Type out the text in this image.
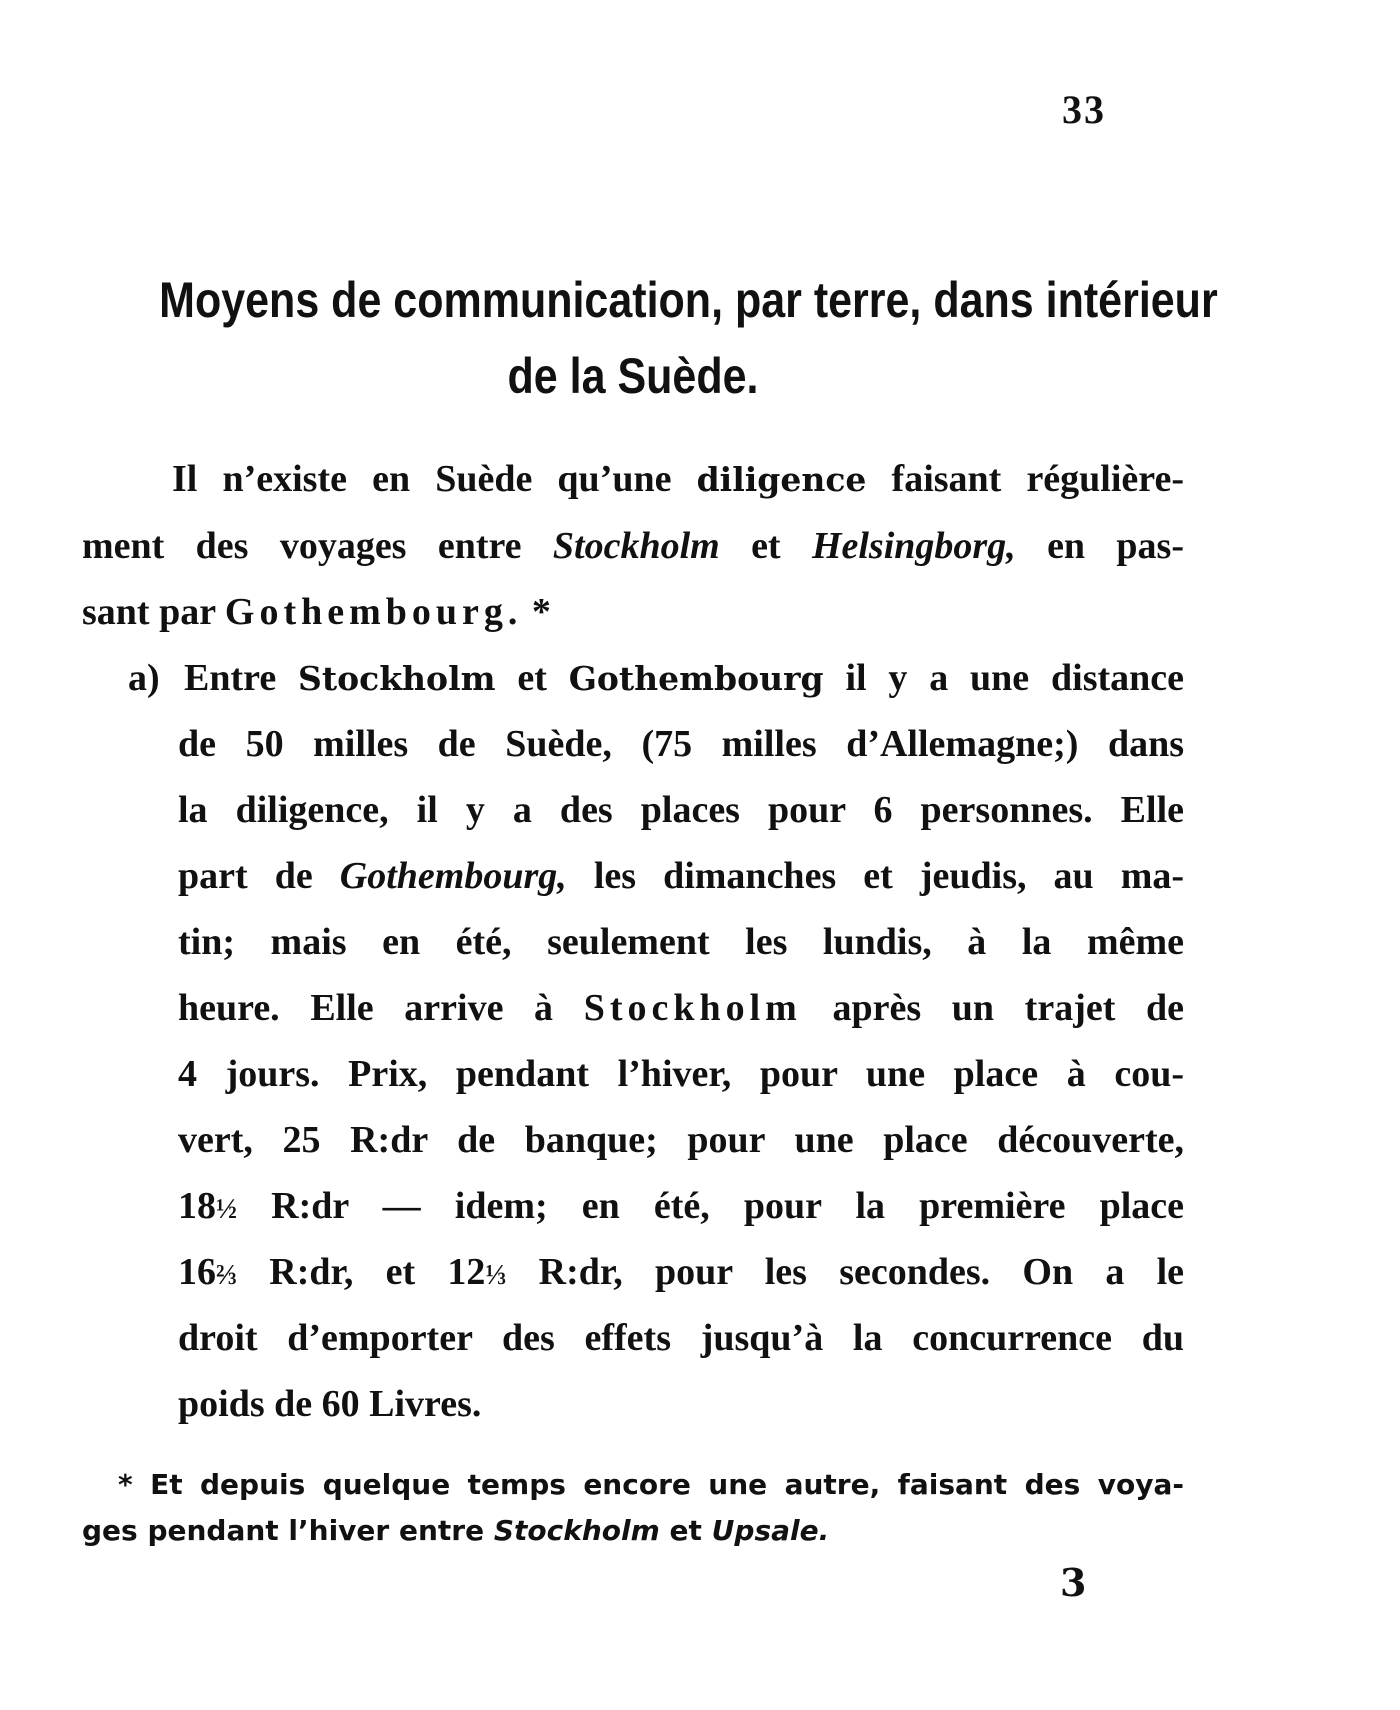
33
Moyens de communication, par terre, dans intérieur
de la Suède.
Il n’existe en Suède qu’une diligence faisant régulière-
ment des voyages entre Stockholm et Helsingborg, en pas-
sant par Gothembourg. *
a) Entre Stockholm et Gothembourg il y a une distance
de 50 milles de Suède, (75 milles d’Allemagne;) dans
la diligence, il y a des places pour 6 personnes. Elle
part de Gothembourg, les dimanches et jeudis, au ma-
tin; mais en été, seulement les lundis, à la même
heure. Elle arrive à Stockholm après un trajet de
4 jours. Prix, pendant l’hiver, pour une place à cou-
vert, 25 R:dr de banque; pour une place découverte,
18½ R:dr — idem; en été, pour la première place
16⅔ R:dr, et 12⅓ R:dr, pour les secondes. On a le
droit d’emporter des effets jusqu’à la concurrence du
poids de 60 Livres.
* Et depuis quelque temps encore une autre, faisant des voya-
ges pendant l’hiver entre Stockholm et Upsale.
3
